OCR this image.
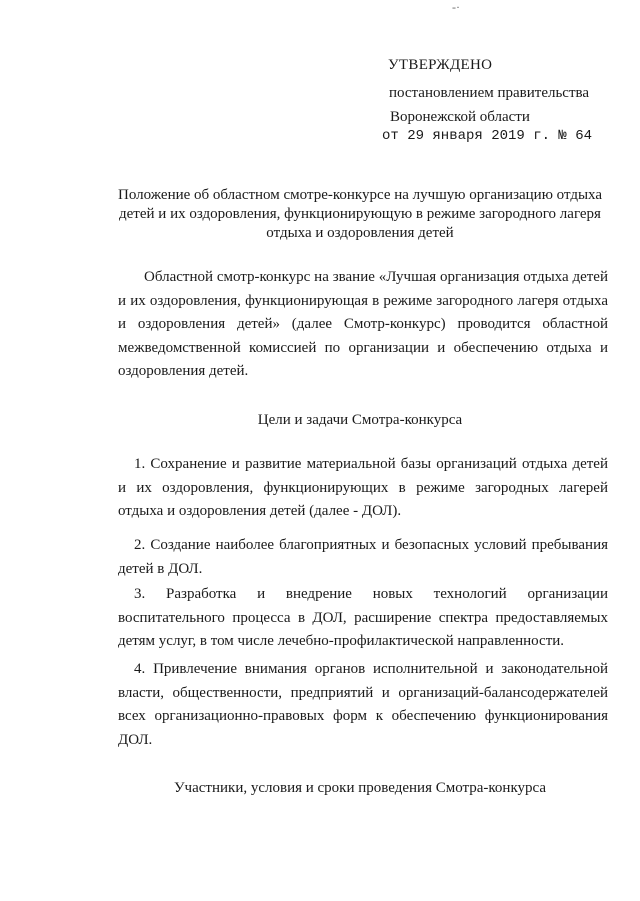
-·
УТВЕРЖДЕНО
постановлением правительства
Воронежской области
от 29 января 2019 г. № 64
Положение об областном смотре-конкурсе на лучшую организацию отдыха детей и их оздоровления, функционирующую в режиме загородного лагеря отдыха и оздоровления детей
Областной смотр-конкурс на звание «Лучшая организация отдыха детей и их оздоровления, функционирующая в режиме загородного лагеря отдыха и оздоровления детей» (далее Смотр-конкурс) проводится областной межведомственной комиссией по организации и обеспечению отдыха и оздоровления детей.
Цели и задачи Смотра-конкурса
1. Сохранение и развитие материальной базы организаций отдыха детей и их оздоровления, функционирующих в режиме загородных лагерей отдыха и оздоровления детей (далее - ДОЛ).
2. Создание наиболее благоприятных и безопасных условий пребывания детей в ДОЛ.
3. Разработка и внедрение новых технологий организации воспитательного процесса в ДОЛ, расширение спектра предоставляемых детям услуг, в том числе лечебно-профилактической направленности.
4. Привлечение внимания органов исполнительной и законодательной власти, общественности, предприятий и организаций-балансодержателей всех организационно-правовых форм к обеспечению функционирования ДОЛ.
Участники, условия и сроки проведения Смотра-конкурса
